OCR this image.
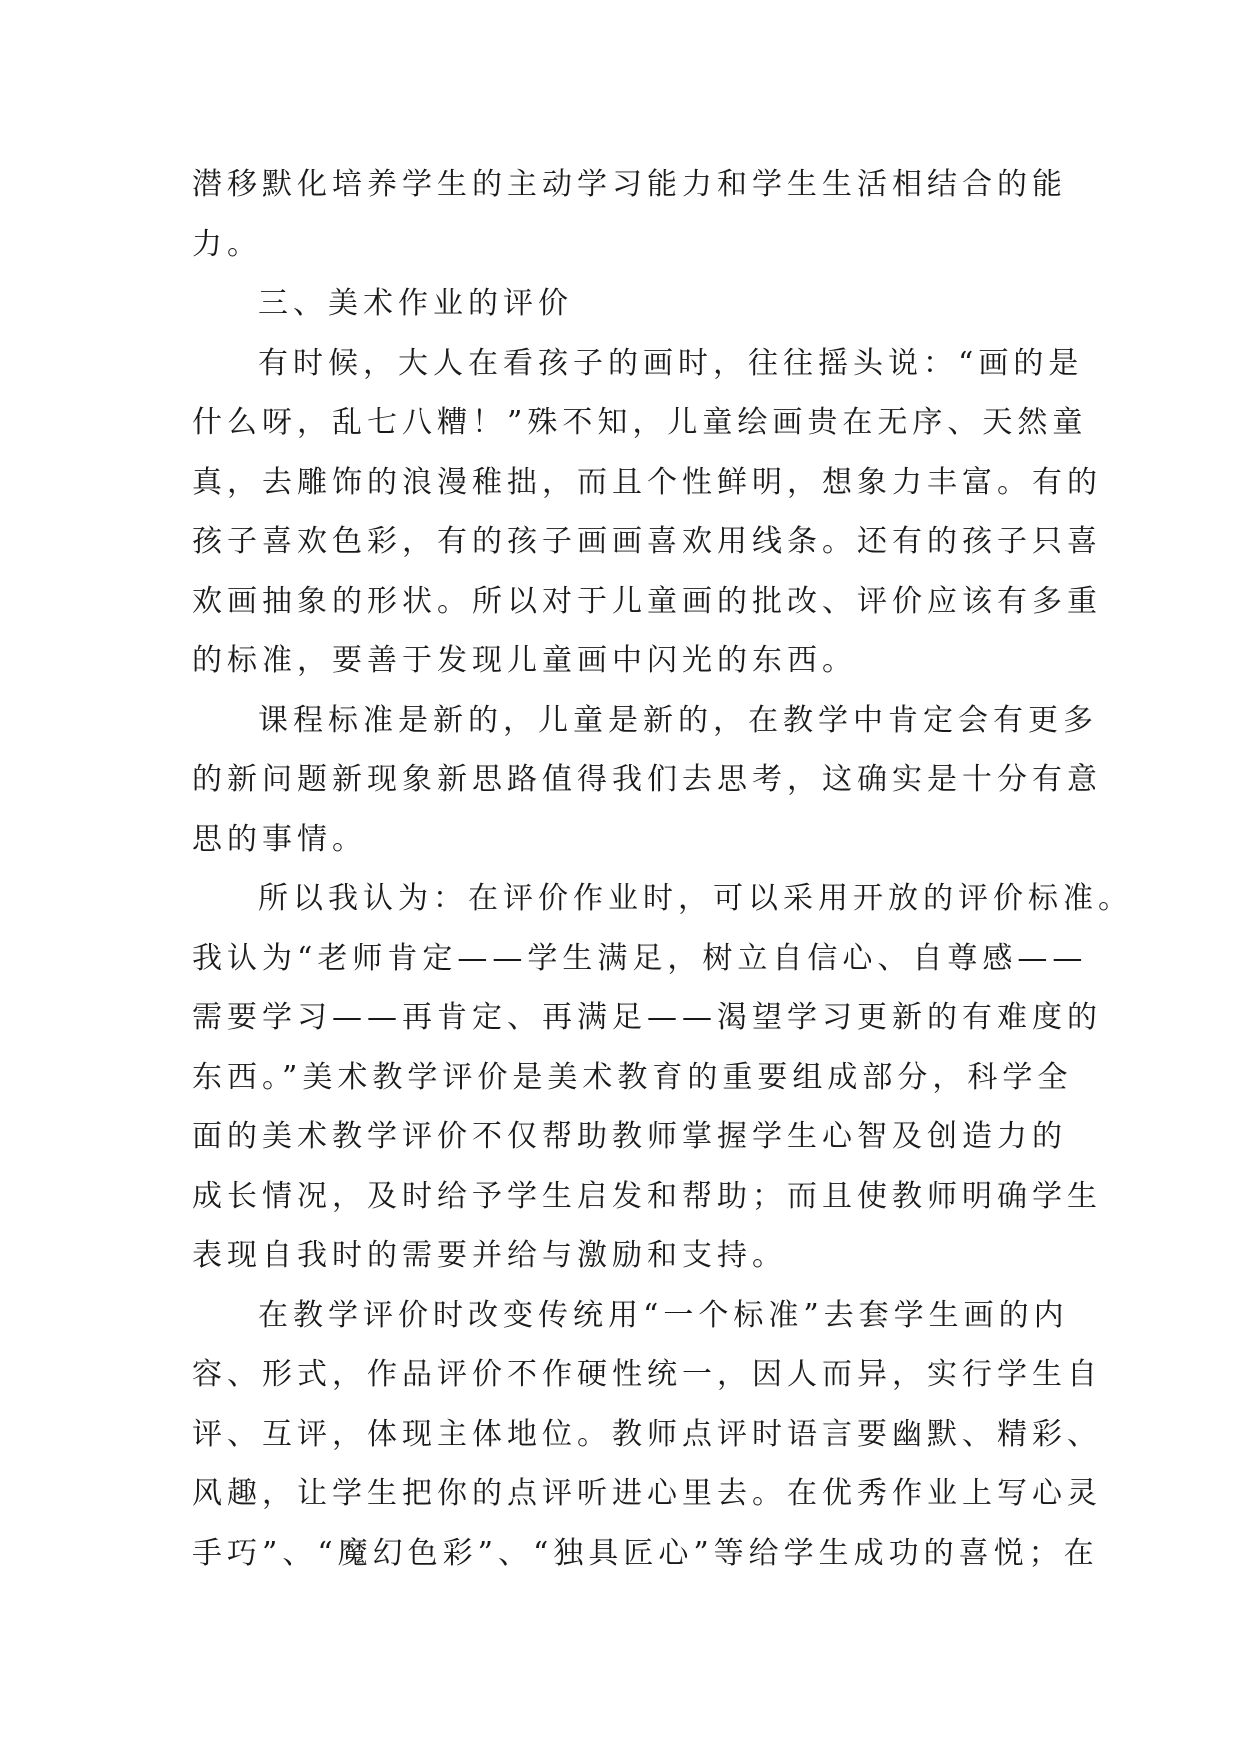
潜移默化培养学生的主动学习能力和学生生活相结合的能
力。
三、美术作业的评价
有时候，大人在看孩子的画时，往往摇头说：“画的是
什么呀，乱七八糟！”殊不知，儿童绘画贵在无序、天然童
真，去雕饰的浪漫稚拙，而且个性鲜明，想象力丰富。有的
孩子喜欢色彩，有的孩子画画喜欢用线条。还有的孩子只喜
欢画抽象的形状。所以对于儿童画的批改、评价应该有多重
的标准，要善于发现儿童画中闪光的东西。
课程标准是新的，儿童是新的，在教学中肯定会有更多
的新问题新现象新思路值得我们去思考，这确实是十分有意
思的事情。
所以我认为：在评价作业时，可以采用开放的评价标准。
我认为“老师肯定——学生满足，树立自信心、自尊感——
需要学习——再肯定、再满足——渴望学习更新的有难度的
东西。”美术教学评价是美术教育的重要组成部分，科学全
面的美术教学评价不仅帮助教师掌握学生心智及创造力的
成长情况，及时给予学生启发和帮助；而且使教师明确学生
表现自我时的需要并给与激励和支持。
在教学评价时改变传统用“一个标准”去套学生画的内
容、形式，作品评价不作硬性统一，因人而异，实行学生自
评、互评，体现主体地位。教师点评时语言要幽默、精彩、
风趣，让学生把你的点评听进心里去。在优秀作业上写心灵
手巧”、“魔幻色彩”、“独具匠心”等给学生成功的喜悦；在
